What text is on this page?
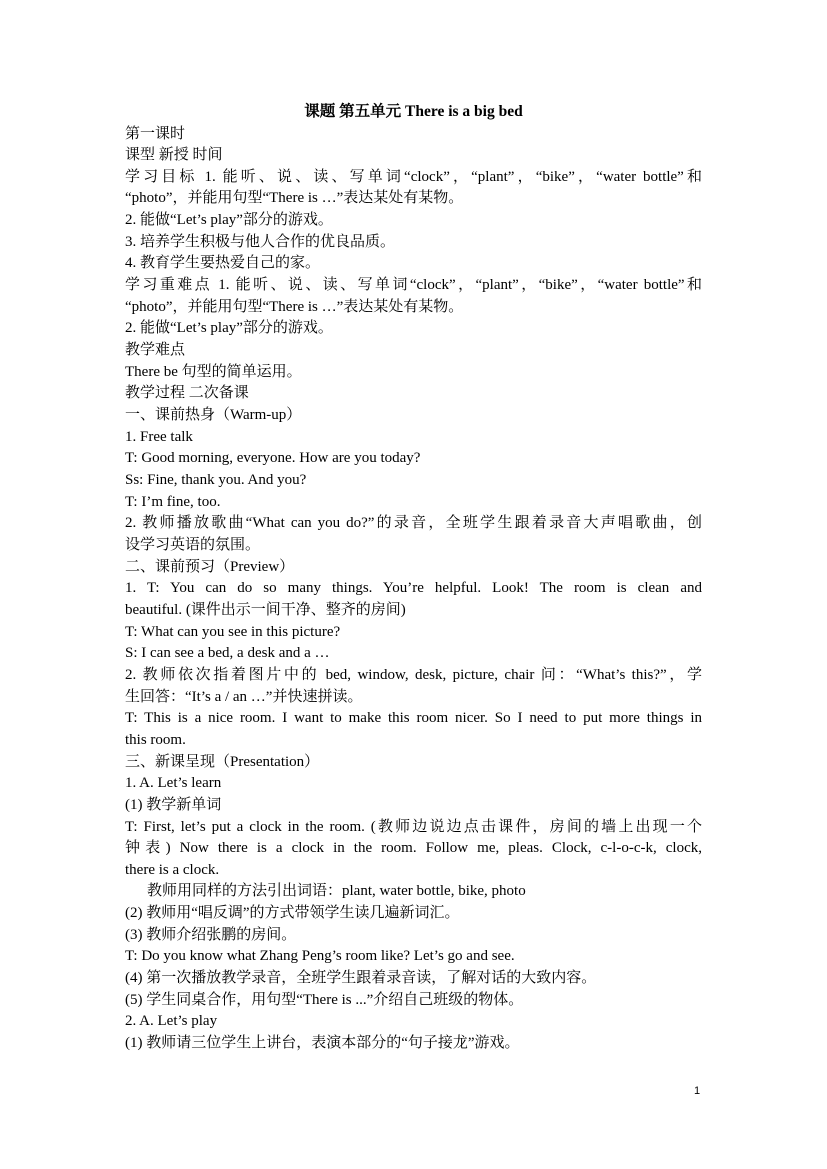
课题 第五单元 There is a big bed
第一课时
课型 新授 时间
学习目标 1. 能听、说、读、写单词“clock”，“plant”，“bike”，“water bottle”和
“photo”，并能用句型“There is …”表达某处有某物。
2. 能做“Let’s play”部分的游戏。
3. 培养学生积极与他人合作的优良品质。
4. 教育学生要热爱自己的家。
学习重难点 1. 能听、说、读、写单词“clock”，“plant”，“bike”，“water bottle”和
“photo”，并能用句型“There is …”表达某处有某物。
2. 能做“Let’s play”部分的游戏。
教学难点
There be 句型的简单运用。
教学过程 二次备课
一、课前热身（Warm-up）
1. Free talk
T: Good morning, everyone. How are you today?
Ss: Fine, thank you. And you?
T: I’m fine, too.
2. 教师播放歌曲“What can you do?”的录音，全班学生跟着录音大声唱歌曲，创
设学习英语的氛围。
二、课前预习（Preview）
1. T: You can do so many things. You’re helpful. Look! The room is clean and
beautiful. (课件出示一间干净、整齐的房间)
T: What can you see in this picture?
S: I can see a bed, a desk and a …
2. 教师依次指着图片中的 bed, window, desk, picture, chair 问：“What’s this?”，学
生回答：“It’s a / an …”并快速拼读。
T: This is a nice room. I want to make this room nicer. So I need to put more things in
this room.
三、新课呈现（Presentation）
1. A. Let’s learn
(1) 教学新单词
T: First, let’s put a clock in the room. (教师边说边点击课件，房间的墙上出现一个
钟表) Now there is a clock in the room. Follow me, pleas. Clock, c-l-o-c-k, clock,
there is a clock.
教师用同样的方法引出词语：plant, water bottle, bike, photo
(2) 教师用“唱反调”的方式带领学生读几遍新词汇。
(3) 教师介绍张鹏的房间。
T: Do you know what Zhang Peng’s room like? Let’s go and see.
(4) 第一次播放教学录音，全班学生跟着录音读，了解对话的大致内容。
(5) 学生同桌合作，用句型“There is ...”介绍自己班级的物体。
2. A. Let’s play
(1) 教师请三位学生上讲台，表演本部分的“句子接龙”游戏。
1
